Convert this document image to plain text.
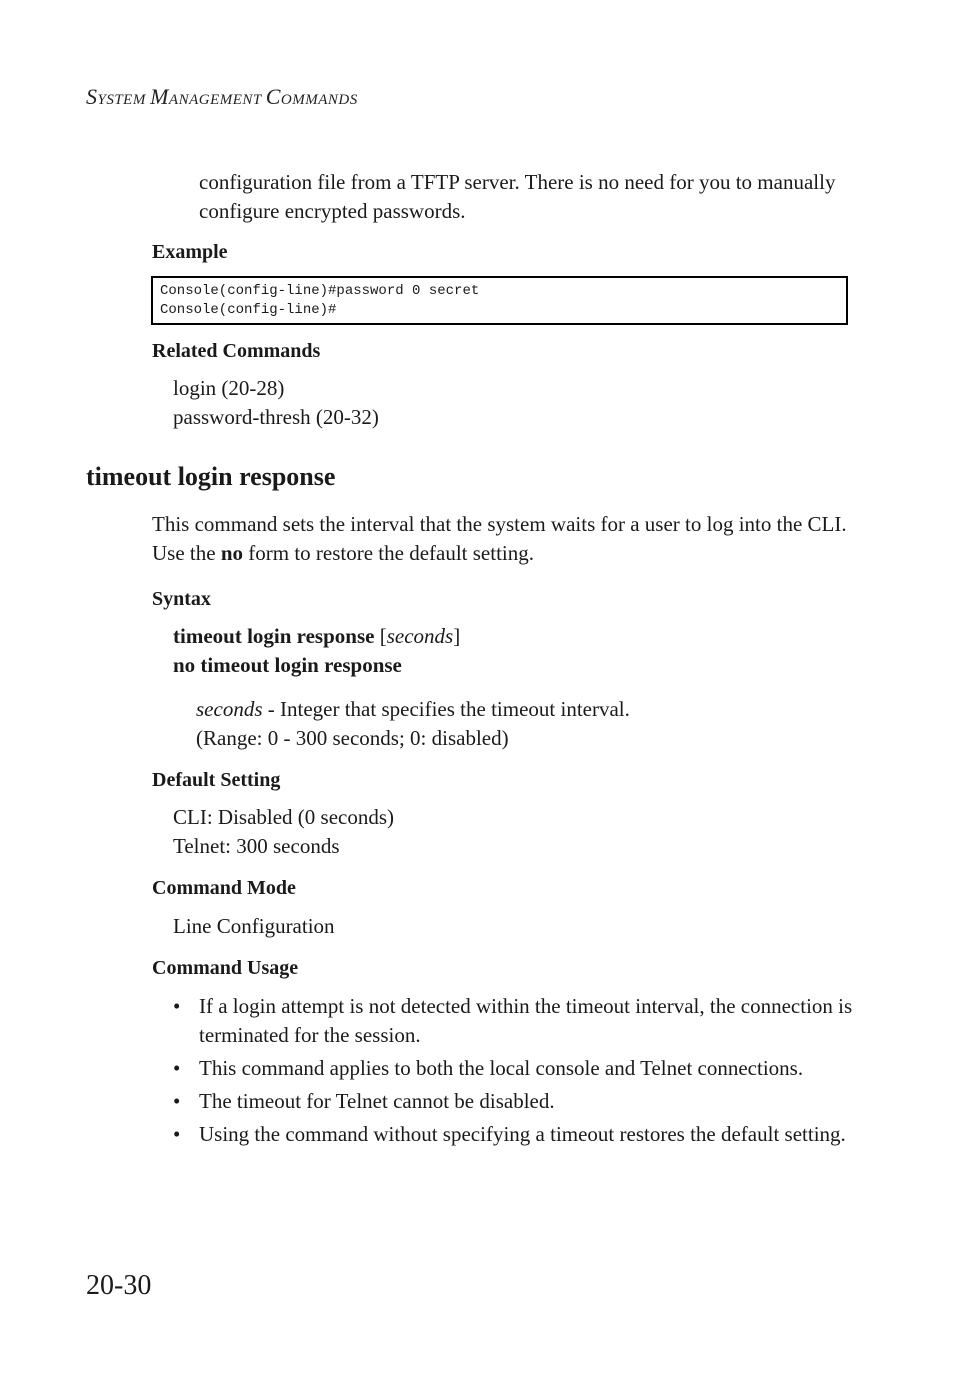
SYSTEM MANAGEMENT COMMANDS
configuration file from a TFTP server. There is no need for you to manually configure encrypted passwords.
Example
Console(config-line)#password 0 secret
Console(config-line)#
Related Commands
login (20-28)
password-thresh (20-32)
timeout login response
This command sets the interval that the system waits for a user to log into the CLI. Use the no form to restore the default setting.
Syntax
timeout login response [seconds]
no timeout login response
seconds - Integer that specifies the timeout interval.
(Range: 0 - 300 seconds; 0: disabled)
Default Setting
CLI: Disabled (0 seconds)
Telnet: 300 seconds
Command Mode
Line Configuration
Command Usage
• If a login attempt is not detected within the timeout interval, the connection is terminated for the session.
• This command applies to both the local console and Telnet connections.
• The timeout for Telnet cannot be disabled.
• Using the command without specifying a timeout restores the default setting.
20-30
